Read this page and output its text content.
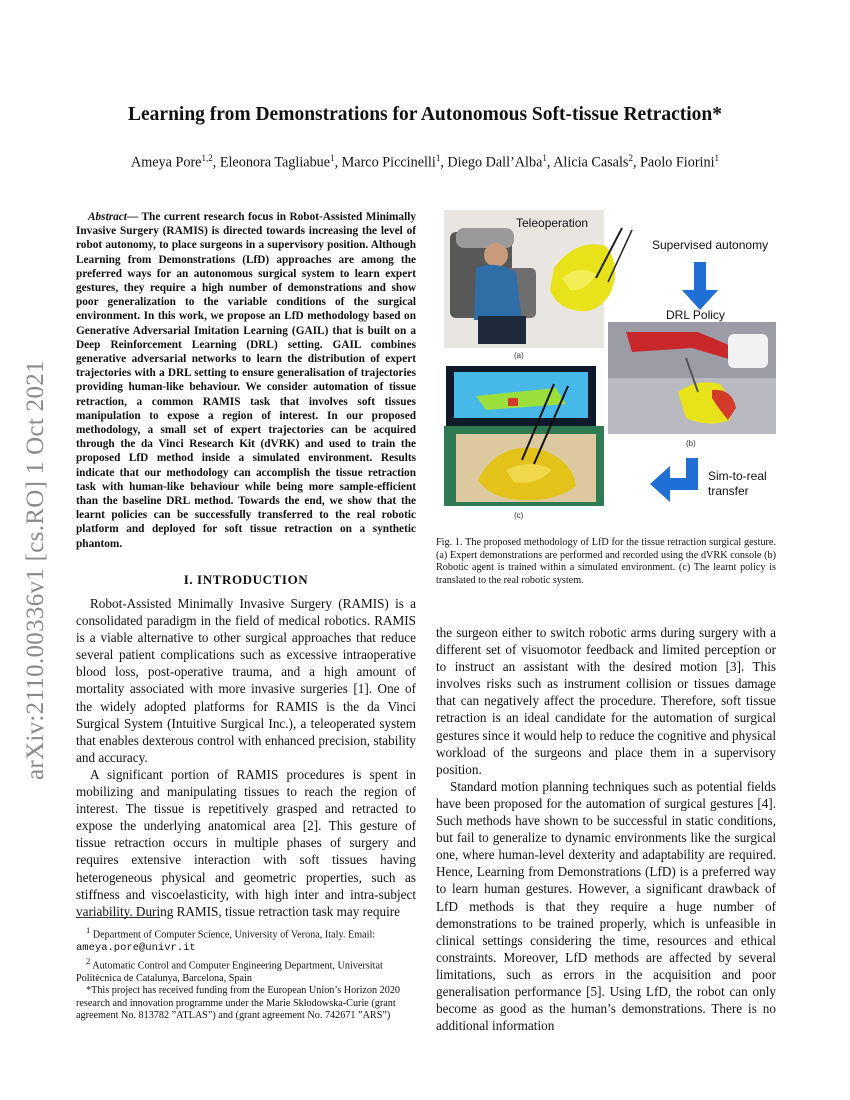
arXiv:2110.00336v1 [cs.RO] 1 Oct 2021
Learning from Demonstrations for Autonomous Soft-tissue Retraction*

Ameya Pore$^{1,2}$, Eleonora Tagliabue$^1$, Marco Piccinelli$^1$, Diego Dall’Alba$^1$, Alicia Casals$^2$, Paolo Fiorini$^1$

Abstract— The current research focus in Robot-Assisted Minimally Invasive Surgery (RAMIS) is directed towards increasing the level of robot autonomy, to place surgeons in a supervisory position. Although Learning from Demonstrations (LfD) approaches are among the preferred ways for an autonomous surgical system to learn expert gestures, they require a high number of demonstrations and show poor generalization to the variable conditions of the surgical environment. In this work, we propose an LfD methodology based on Generative Adversarial Imitation Learning (GAIL) that is built on a Deep Reinforcement Learning (DRL) setting. GAIL combines generative adversarial networks to learn the distribution of expert trajectories with a DRL setting to ensure generalisation of trajectories providing human-like behaviour. We consider automation of tissue retraction, a common RAMIS task that involves soft tissues manipulation to expose a region of interest. In our proposed methodology, a small set of expert trajectories can be acquired through the da Vinci Research Kit (dVRK) and used to train the proposed LfD method inside a simulated environment. Results indicate that our methodology can accomplish the tissue retraction task with human-like behaviour while being more sample-efficient than the baseline DRL method. Towards the end, we show that the learnt policies can be successfully transferred to the real robotic platform and deployed for soft tissue retraction on a synthetic phantom.

I. INTRODUCTION

Robot-Assisted Minimally Invasive Surgery (RAMIS) is a consolidated paradigm in the field of medical robotics. RAMIS is a viable alternative to other surgical approaches that reduce several patient complications such as excessive intraoperative blood loss, post-operative trauma, and a high amount of mortality associated with more invasive surgeries [1]. One of the widely adopted platforms for RAMIS is the da Vinci Surgical System (Intuitive Surgical Inc.), a teleoperated system that enables dexterous control with enhanced precision, stability and accuracy.

A significant portion of RAMIS procedures is spent in mobilizing and manipulating tissues to reach the region of interest. The tissue is repetitively grasped and retracted to expose the underlying anatomical area [2]. This gesture of tissue retraction occurs in multiple phases of surgery and requires extensive interaction with soft tissues having heterogeneous physical and geometric properties, such as stiffness and viscoelasticity, with high inter and intra-subject variability. During RAMIS, tissue retraction task may require

$^1$ Department of Computer Science, University of Verona, Italy. Email: ameya.pore@univr.it

$^2$ Automatic Control and Computer Engineering Department, Universitat Politècnica de Catalunya, Barcelona, Spain

*This project has received funding from the European Union’s Horizon 2020 research and innovation programme under the Marie Skłodowska-Curie (grant agreement No. 813782 ”ATLAS”) and (grant agreement No. 742671 ”ARS”)

Teleoperation
(a)
Supervised autonomy
DRL Policy
(b)
(c)
Sim-to-real
transfer

Fig. 1. The proposed methodology of LfD for the tissue retraction surgical gesture. (a) Expert demonstrations are performed and recorded using the dVRK console (b) Robotic agent is trained within a simulated environment. (c) The learnt policy is translated to the real robotic system.

the surgeon either to switch robotic arms during surgery with a different set of visuomotor feedback and limited perception or to instruct an assistant with the desired motion [3]. This involves risks such as instrument collision or tissues damage that can negatively affect the procedure. Therefore, soft tissue retraction is an ideal candidate for the automation of surgical gestures since it would help to reduce the cognitive and physical workload of the surgeons and place them in a supervisory position.

Standard motion planning techniques such as potential fields have been proposed for the automation of surgical gestures [4]. Such methods have shown to be successful in static conditions, but fail to generalize to dynamic environments like the surgical one, where human-level dexterity and adaptability are required. Hence, Learning from Demonstrations (LfD) is a preferred way to learn human gestures. However, a significant drawback of LfD methods is that they require a huge number of demonstrations to be trained properly, which is unfeasible in clinical settings considering the time, resources and ethical constraints. Moreover, LfD methods are affected by several limitations, such as errors in the acquisition and poor generalisation performance [5]. Using LfD, the robot can only become as good as the human’s demonstrations. There is no additional information
